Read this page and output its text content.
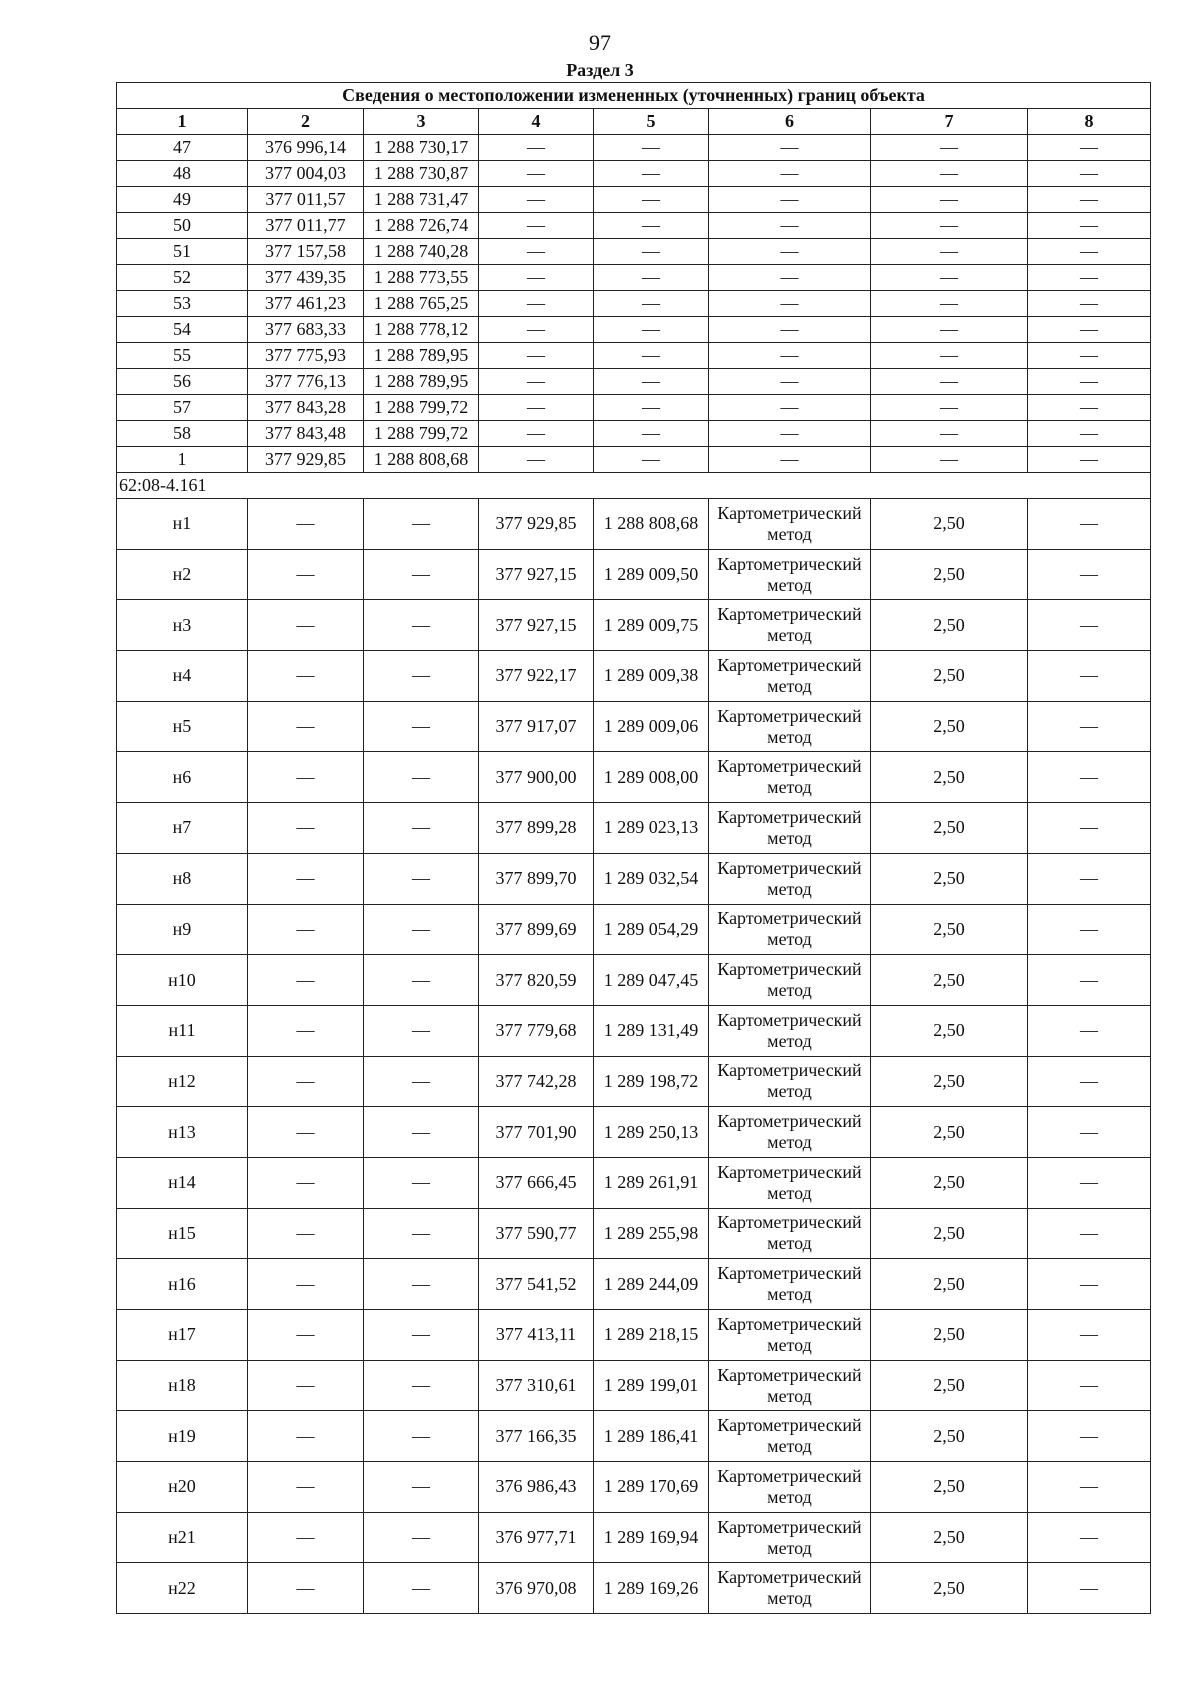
97
Раздел 3
Сведения о местоположении измененных (уточненных) границ объекта							
1	2	3	4	5	6	7	8
47	376 996,14	1 288 730,17	—	—	—	—	—
48	377 004,03	1 288 730,87	—	—	—	—	—
49	377 011,57	1 288 731,47	—	—	—	—	—
50	377 011,77	1 288 726,74	—	—	—	—	—
51	377 157,58	1 288 740,28	—	—	—	—	—
52	377 439,35	1 288 773,55	—	—	—	—	—
53	377 461,23	1 288 765,25	—	—	—	—	—
54	377 683,33	1 288 778,12	—	—	—	—	—
55	377 775,93	1 288 789,95	—	—	—	—	—
56	377 776,13	1 288 789,95	—	—	—	—	—
57	377 843,28	1 288 799,72	—	—	—	—	—
58	377 843,48	1 288 799,72	—	—	—	—	—
1	377 929,85	1 288 808,68	—	—	—	—	—
62:08-4.161							
н1	—	—	377 929,85	1 288 808,68	Картометрический метод	2,50	—
н2	—	—	377 927,15	1 289 009,50	Картометрический метод	2,50	—
н3	—	—	377 927,15	1 289 009,75	Картометрический метод	2,50	—
н4	—	—	377 922,17	1 289 009,38	Картометрический метод	2,50	—
н5	—	—	377 917,07	1 289 009,06	Картометрический метод	2,50	—
н6	—	—	377 900,00	1 289 008,00	Картометрический метод	2,50	—
н7	—	—	377 899,28	1 289 023,13	Картометрический метод	2,50	—
н8	—	—	377 899,70	1 289 032,54	Картометрический метод	2,50	—
н9	—	—	377 899,69	1 289 054,29	Картометрический метод	2,50	—
н10	—	—	377 820,59	1 289 047,45	Картометрический метод	2,50	—
н11	—	—	377 779,68	1 289 131,49	Картометрический метод	2,50	—
н12	—	—	377 742,28	1 289 198,72	Картометрический метод	2,50	—
н13	—	—	377 701,90	1 289 250,13	Картометрический метод	2,50	—
н14	—	—	377 666,45	1 289 261,91	Картометрический метод	2,50	—
н15	—	—	377 590,77	1 289 255,98	Картометрический метод	2,50	—
н16	—	—	377 541,52	1 289 244,09	Картометрический метод	2,50	—
н17	—	—	377 413,11	1 289 218,15	Картометрический метод	2,50	—
н18	—	—	377 310,61	1 289 199,01	Картометрический метод	2,50	—
н19	—	—	377 166,35	1 289 186,41	Картометрический метод	2,50	—
н20	—	—	376 986,43	1 289 170,69	Картометрический метод	2,50	—
н21	—	—	376 977,71	1 289 169,94	Картометрический метод	2,50	—
н22	—	—	376 970,08	1 289 169,26	Картометрический метод	2,50	—
